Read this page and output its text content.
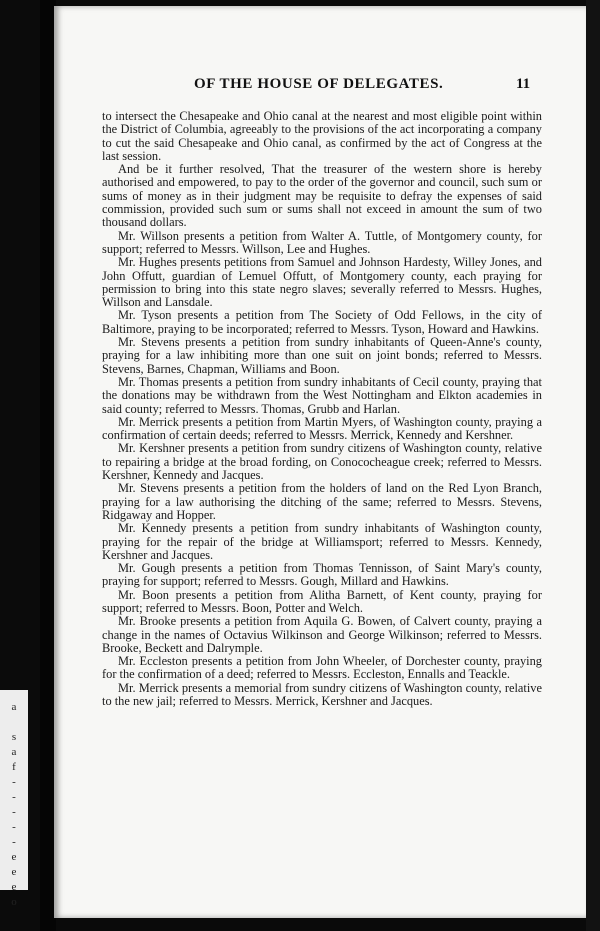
a

s
a
f
-
-
-
-
-
e
e
e
o
OF THE HOUSE OF DELEGATES.	11

to intersect the Chesapeake and Ohio canal at the nearest and most eligible point within the District of Columbia, agreeably to the provisions of the act incorporating a company to cut the said Chesapeake and Ohio canal, as confirmed by the act of Congress at the last session.

And be it further resolved, That the treasurer of the western shore is hereby authorised and empowered, to pay to the order of the governor and council, such sum or sums of money as in their judgment may be requisite to defray the expenses of said commission, provided such sum or sums shall not exceed in amount the sum of two thousand dollars.

Mr. Willson presents a petition from Walter A. Tuttle, of Montgomery county, for support; referred to Messrs. Willson, Lee and Hughes.

Mr. Hughes presents petitions from Samuel and Johnson Hardesty, Willey Jones, and John Offutt, guardian of Lemuel Offutt, of Montgomery county, each praying for permission to bring into this state negro slaves; severally referred to Messrs. Hughes, Willson and Lansdale.

Mr. Tyson presents a petition from The Society of Odd Fellows, in the city of Baltimore, praying to be incorporated; referred to Messrs. Tyson, Howard and Hawkins.

Mr. Stevens presents a petition from sundry inhabitants of Queen-Anne's county, praying for a law inhibiting more than one suit on joint bonds; referred to Messrs. Stevens, Barnes, Chapman, Williams and Boon.

Mr. Thomas presents a petition from sundry inhabitants of Cecil county, praying that the donations may be withdrawn from the West Nottingham and Elkton academies in said county; referred to Messrs. Thomas, Grubb and Harlan.

Mr. Merrick presents a petition from Martin Myers, of Washington county, praying a confirmation of certain deeds; referred to Messrs. Merrick, Kennedy and Kershner.

Mr. Kershner presents a petition from sundry citizens of Washington county, relative to repairing a bridge at the broad fording, on Conococheague creek; referred to Messrs. Kershner, Kennedy and Jacques.

Mr. Stevens presents a petition from the holders of land on the Red Lyon Branch, praying for a law authorising the ditching of the same; referred to Messrs. Stevens, Ridgaway and Hopper.

Mr. Kennedy presents a petition from sundry inhabitants of Washington county, praying for the repair of the bridge at Williamsport; referred to Messrs. Kennedy, Kershner and Jacques.

Mr. Gough presents a petition from Thomas Tennisson, of Saint Mary's county, praying for support; referred to Messrs. Gough, Millard and Hawkins.

Mr. Boon presents a petition from Alitha Barnett, of Kent county, praying for support; referred to Messrs. Boon, Potter and Welch.

Mr. Brooke presents a petition from Aquila G. Bowen, of Calvert county, praying a change in the names of Octavius Wilkinson and George Wilkinson; referred to Messrs. Brooke, Beckett and Dalrymple.

Mr. Eccleston presents a petition from John Wheeler, of Dorchester county, praying for the confirmation of a deed; referred to Messrs. Eccleston, Ennalls and Teackle.

Mr. Merrick presents a memorial from sundry citizens of Washington county, relative to the new jail; referred to Messrs. Merrick, Kershner and Jacques.
